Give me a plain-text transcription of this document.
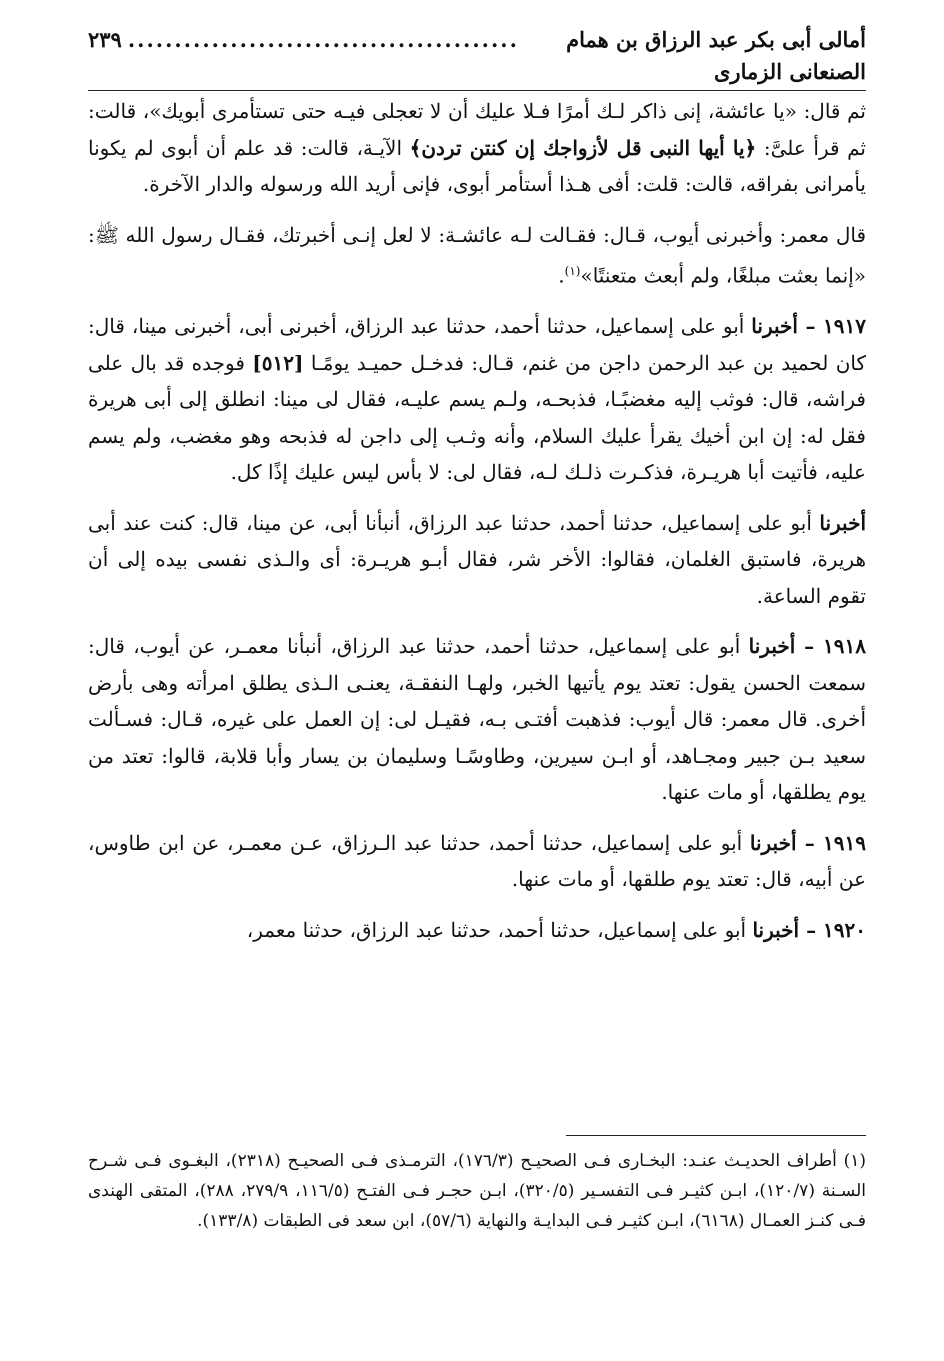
أمالى أبى بكر عبد الرزاق بن همام الصنعانى الزمارى
..........................................
٢٣٩

ثم قال: «يا عائشة، إنى ذاكر لـك أمرًا فـلا عليك أن لا تعجلى فيـه حتى تستأمرى أبويك»، قالت: ثم قرأ علىَّ: ﴿يا أيها النبى قل لأزواجك إن كنتن تردن﴾ الآيـة، قالت: قد علم أن أبوى لم يكونا يأمرانى بفراقه، قالت: قلت: أفى هـذا أستأمر أبوى، فإنى أريد الله ورسوله والدار الآخرة.

قال معمر: وأخبرنى أيوب، قـال: فقـالت لـه عائشـة: لا لعل إنـى أخبرتك، فقـال رسول الله ﷺ: «إنما بعثت مبلغًا، ولم أبعث متعنتًا»$^{(١)}$.

١٩١٧ – أخبرنا أبو على إسماعيل، حدثنا أحمد، حدثنا عبد الرزاق، أخبرنى أبى، أخبرنى مينا، قال: كان لحميد بن عبد الرحمن داجن من غنم، قـال: فدخـل حميـد يومًـا [٥١٢] فوجده قد بال على فراشه، قال: فوثب إليه مغضبًـا، فذبحـه، ولـم يسم عليـه، فقال لى مينا: انطلق إلى أبى هريرة فقل له: إن ابن أخيك يقرأ عليك السلام، وأنه وثـب إلى داجن له فذبحه وهو مغضب، ولم يسم عليه، فأتيت أبا هريـرة، فذكـرت ذلـك لـه، فقال لى: لا بأس ليس عليك إذًا كل.

أخبرنا أبو على إسماعيل، حدثنا أحمد، حدثنا عبد الرزاق، أنبأنا أبى، عن مينا، قال: كنت عند أبى هريرة، فاستبق الغلمان، فقالوا: الأخر شر، فقال أبـو هريـرة: أى والـذى نفسى بيده إلى أن تقوم الساعة.

١٩١٨ – أخبرنا أبو على إسماعيل، حدثنا أحمد، حدثنا عبد الرزاق، أنبأنا معمـر، عن أيوب، قال: سمعت الحسن يقول: تعتد يوم يأتيها الخبر، ولهـا النفقـة، يعنـى الـذى يطلق امرأته وهى بأرض أخرى. قال معمر: قال أيوب: فذهبت أفتـى بـه، فقيـل لى: إن العمل على غيره، قـال: فسـألت سعيد بـن جبير ومجـاهد، أو ابـن سيرين، وطاوسًـا وسليمان بن يسار وأبا قلابة، قالوا: تعتد من يوم يطلقها، أو مات عنها.

١٩١٩ – أخبرنا أبو على إسماعيل، حدثنا أحمد، حدثنا عبد الـرزاق، عـن معمـر، عن ابن طاوس، عن أبيه، قال: تعتد يوم طلقها، أو مات عنها.

١٩٢٠ – أخبرنا أبو على إسماعيل، حدثنا أحمد، حدثنا عبد الرزاق، حدثنا معمر،

(١) أطراف الحديـث عنـد: البخـارى فـى الصحيـح (١٧٦/٣)، الترمـذى فـى الصحيـح (٢٣١٨)، البغـوى فـى شـرح السـنة (١٢٠/٧)، ابـن كثيـر فـى التفسـير (٣٢٠/٥)، ابـن حجـر فـى الفتـح (١١٦/٥، ٢٧٩/٩، ٢٨٨)، المتقى الهندى فـى كنـز العمـال (٦١٦٨)، ابـن كثيـر فـى البدايـة والنهاية (٥٧/٦)، ابن سعد فى الطبقات (١٣٣/٨).
